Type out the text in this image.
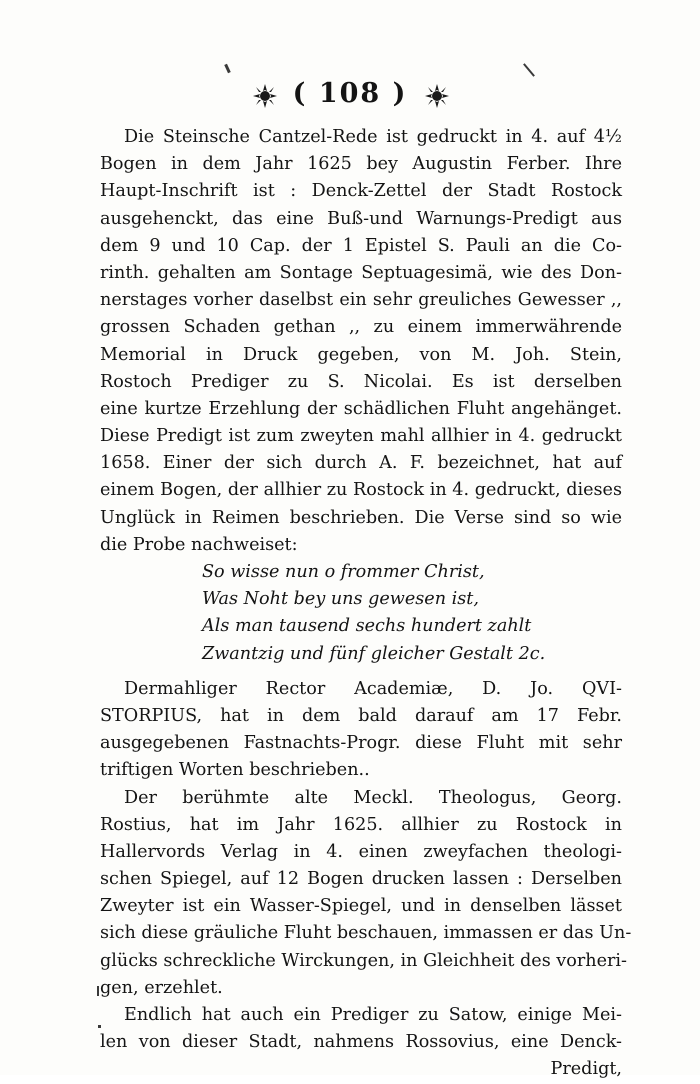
( 108 )
Die Steinsche Cantzel-Rede ist gedruckt in 4. auf 4½
Bogen in dem Jahr 1625 bey Augustin Ferber. Ihre
Haupt-Inschrift ist : Denck-Zettel der Stadt Rostock
ausgehenckt, das eine Buß-und Warnungs-Predigt aus
dem 9 und 10 Cap. der 1 Epistel S. Pauli an die Co-
rinth. gehalten am Sontage Septuagesimä, wie des Don-
nerstages vorher daselbst ein sehr greuliches Gewesser ,,
grossen Schaden gethan ,, zu einem immerwährende
Memorial in Druck gegeben, von M. Joh. Stein,
Rostoch Prediger zu S. Nicolai. Es ist derselben
eine kurtze Erzehlung der schädlichen Fluht angehänget.
Diese Predigt ist zum zweyten mahl allhier in 4. gedruckt
1658. Einer der sich durch A. F. bezeichnet, hat auf
einem Bogen, der allhier zu Rostock in 4. gedruckt, dieses
Unglück in Reimen beschrieben. Die Verse sind so wie
die Probe nachweiset:
So wisse nun o frommer Christ,
Was Noht bey uns gewesen ist,
Als man tausend sechs hundert zahlt
Zwantzig und fünf gleicher Gestalt 2c.
Dermahliger Rector Academiæ, D. Jo. QVI-
STORPIUS, hat in dem bald darauf am 17 Febr.
ausgegebenen Fastnachts-Progr. diese Fluht mit sehr
triftigen Worten beschrieben..
Der berühmte alte Meckl. Theologus, Georg.
Rostius, hat im Jahr 1625. allhier zu Rostock in
Hallervords Verlag in 4. einen zweyfachen theologi-
schen Spiegel, auf 12 Bogen drucken lassen : Derselben
Zweyter ist ein Wasser-Spiegel, und in denselben lässet
sich diese gräuliche Fluht beschauen, immassen er das Un-
glücks schreckliche Wirckungen, in Gleichheit des vorheri-
gen, erzehlet.
Endlich hat auch ein Prediger zu Satow, einige Mei-
len von dieser Stadt, nahmens Rossovius, eine Denck-
Predigt,
